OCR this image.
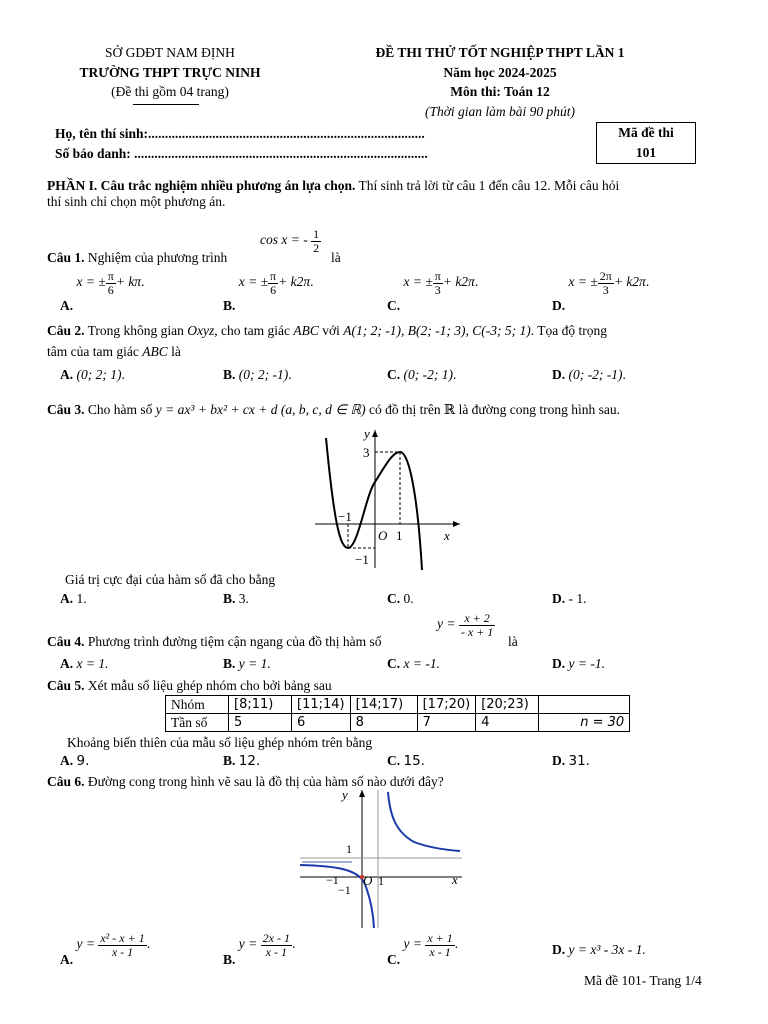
SỞ GDĐT NAM ĐỊNH
TRƯỜNG THPT TRỰC NINH
(Đề thi gồm 04 trang)
ĐỀ THI THỬ TỐT NGHIỆP THPT LẦN 1
Năm học 2024-2025
Môn thi: Toán 12
(Thời gian làm bài 90 phút)
Họ, tên thí sinh:..................................................................................
Số báo danh: .......................................................................................
Mã đề thi
101
PHẦN I. Câu trắc nghiệm nhiều phương án lựa chọn. Thí sinh trả lời từ câu 1 đến câu 12. Mỗi câu hỏi
thí sinh chỉ chọn một phương án.
Câu 1. Nghiệm của phương trình
cos x = - $\frac{1}{2}$
là
A. x = ± $\frac{\pi}{6} + k\pi$.
B. x = ± $\frac{\pi}{6} + k2\pi$.
C. x = ± $\frac{\pi}{3} + k2\pi$.
D. x = ± $\frac{2\pi}{3} + k2\pi$.
Câu 2. Trong không gian Oxyz, cho tam giác ABC với A(1; 2; -1), B(2; -1; 3), C(-3; 5; 1). Tọa độ trọng
tâm của tam giác ABC là
A. (0; 2; 1).	B. (0; 2; -1).	C. (0; -2; 1).	D. (0; -2; -1).
Câu 3. Cho hàm số y = ax³ + bx² + cx + d (a, b, c, d ∈ ℝ) có đồ thị trên ℝ là đường cong trong hình sau.
y
x
O
3
−1
1
−1
Giá trị cực đại của hàm số đã cho bằng
A. 1.	B. 3.	C. 0.	D. - 1.
Câu 4. Phương trình đường tiệm cận ngang của đồ thị hàm số
$y = \frac{x + 2}{- x + 1}$
là
A. x = 1.	B. y = 1.	C. x = -1.	D. y = -1.
Câu 5. Xét mẫu số liệu ghép nhóm cho bởi bảng sau
Nhóm	[8;11)	[11;14)	[14;17)	[17;20)	[20;23)	
Tần số	5	6	8	7	4	n = 30
Khoảng biến thiên của mẫu số liệu ghép nhóm trên bằng
A. 9.	B. 12.	C. 15.	D. 31.
Câu 6. Đường cong trong hình vẽ sau là đồ thị của hàm số nào dưới đây?
y
x
O
1
−1	1
−1
A. $y = \frac{\text{x² - x + 1}}{x - 1}$ .
B. $y = \frac{2x - 1}{x - 1}$ .
C. $y = \frac{x + 1}{x - 1}$ .	D. y = x³ - 3x - 1.
Mã đề 101- Trang 1/4
